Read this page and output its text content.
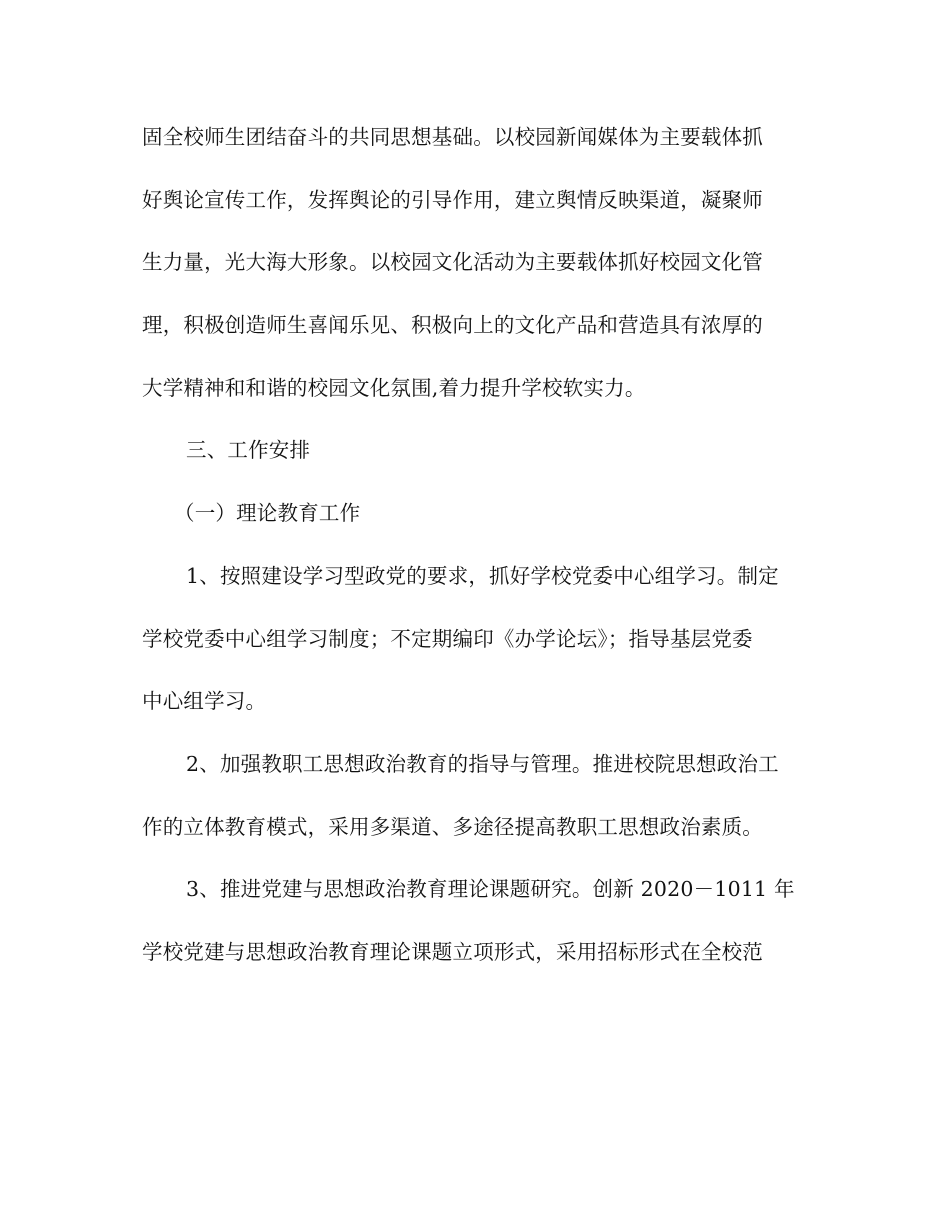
固全校师生团结奋斗的共同思想基础。以校园新闻媒体为主要载体抓
好舆论宣传工作，发挥舆论的引导作用，建立舆情反映渠道，凝聚师
生力量，光大海大形象。以校园文化活动为主要载体抓好校园文化管
理，积极创造师生喜闻乐见、积极向上的文化产品和营造具有浓厚的
大学精神和和谐的校园文化氛围,着力提升学校软实力。
三、工作安排
（一）理论教育工作
1、按照建设学习型政党的要求，抓好学校党委中心组学习。制定
学校党委中心组学习制度；不定期编印《办学论坛》；指导基层党委
中心组学习。
2、加强教职工思想政治教育的指导与管理。推进校院思想政治工
作的立体教育模式，采用多渠道、多途径提高教职工思想政治素质。
3、推进党建与思想政治教育理论课题研究。创新 2020－1011 年
学校党建与思想政治教育理论课题立项形式，采用招标形式在全校范
